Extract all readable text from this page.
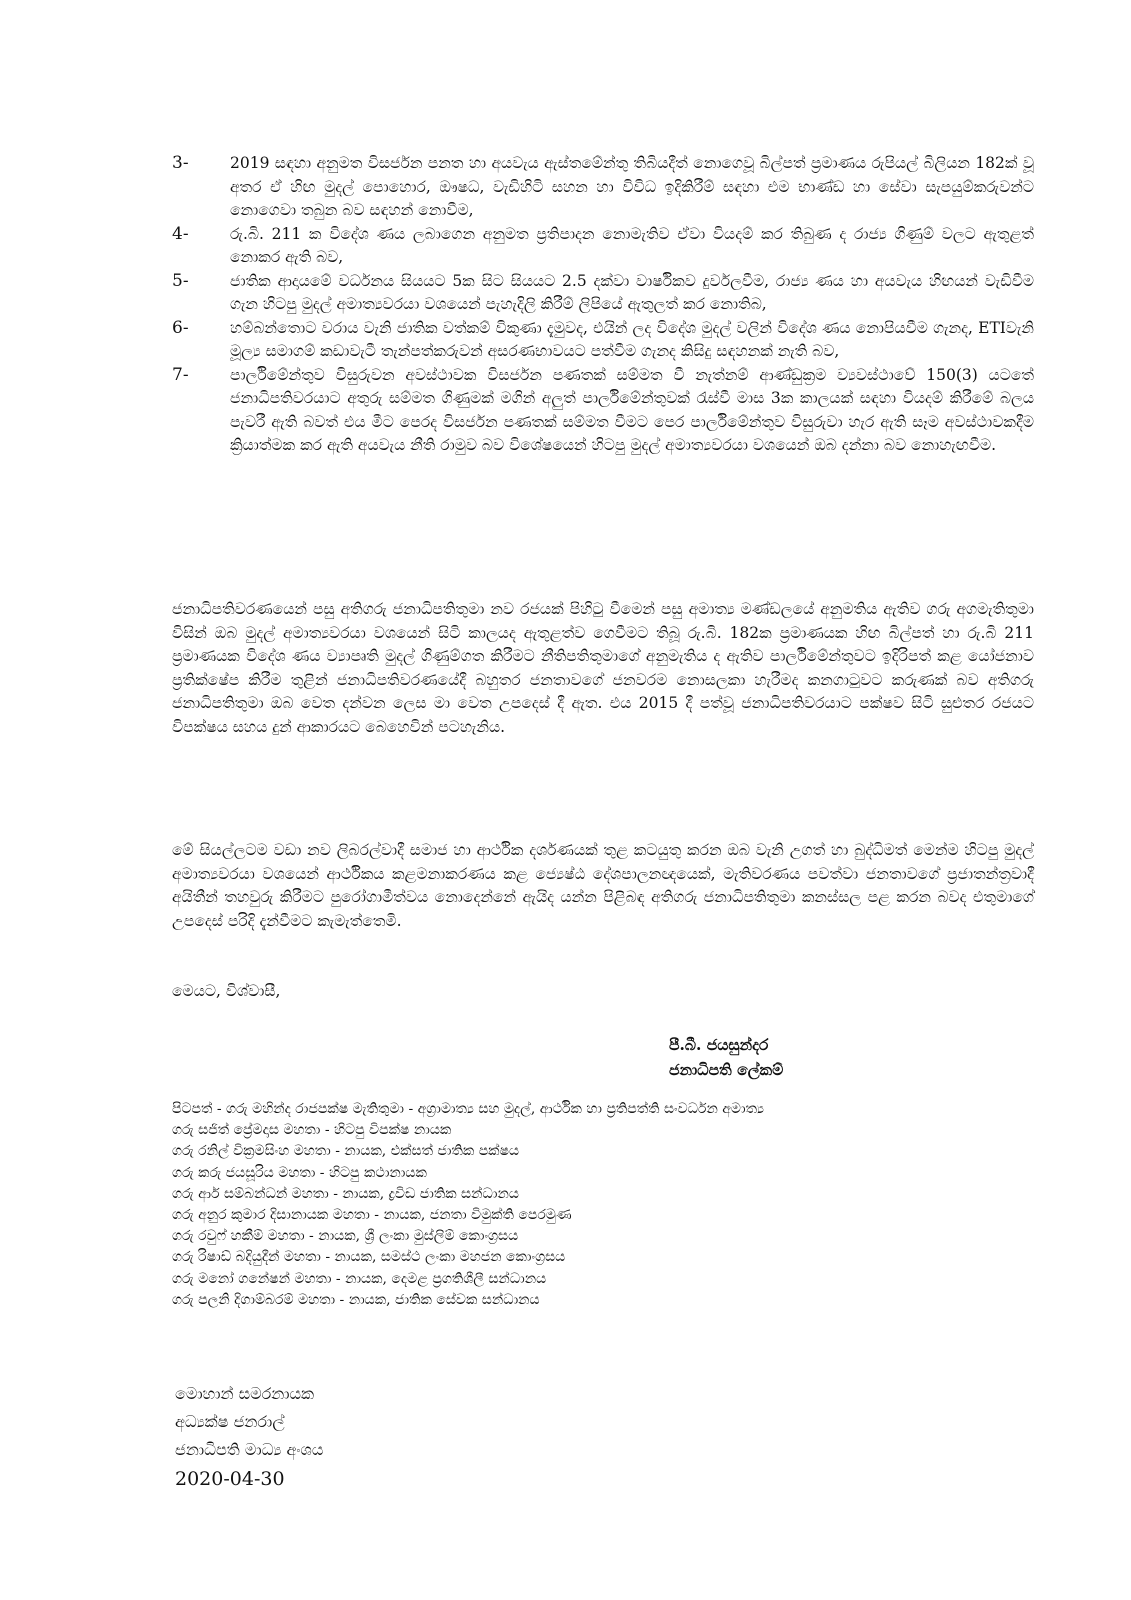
3-	2019 සඳහා අනුමත විසර්ජන පනත හා අයවැය ඇස්තමේන්තු තිබියදීත් නොගෙවූ බිල්පත් ප්‍රමාණය රුපියල් බිලියන 182ක් වූ අතර ඒ හිඟ මුදල් පොහොර, ඖෂධ, වැඩිහිටි සහන හා විවිධ ඉදිකිරීම් සඳහා එම භාණ්ඩ හා සේවා සැපයුම්කරුවන්ට නොගෙවා තබුන බව සඳහන් නොවීම,
4-	රු.බි. 211 ක විදේශ ණය ලබාගෙන අනුමත ප්‍රතිපාදන නොමැතිව ඒවා වියදම් කර තිබුණ ද රාජ්‍ය ගිණුම් වලට ඇතුළත් නොකර ඇති බව,
5-	ජාතික ආදායමේ වර්ධනය සියයට 5ක සිට සියයට 2.5 දක්වා වාර්ෂිකව දුර්වලවීම, රාජ්‍ය ණය හා අයවැය හිඟයන් වැඩිවීම ගැන හිටපු මුදල් අමාත්‍යවරයා වශයෙන් පැහැදිලි කිරීම් ලිපියේ ඇතුලත් කර නොතිබ,
6-	හම්බන්තොට වරාය වැනි ජාතික වත්කම් විකුණා දැමුවද, එයින් ලද විදේශ මුදල් වලින් විදේශ ණය නොපියවීම ගැනද, ETIවැනි මූල්‍ය සමාගම් කඩාවැටී තැන්පත්කරුවන් අසරණභාවයට පත්වීම ගැනද කිසිදු සඳහනක් නැති බව,
7-	පාර්ලිමේන්තුව විසුරුවන අවස්ථාවක විසර්ජන පණතක් සම්මත වී නැත්නම් ආණ්ඩුක්‍රම ව්‍යවස්ථාවේ 150(3) යටතේ ජනාධිපතිවරයාට අතුරු සම්මත ගිණුමක් මගින් අලුත් පාර්ලිමේන්තුවක් රැස්වී මාස 3ක කාලයක් සඳහා වියදම් කිරීමේ බලය පැවරී ඇති බවත් එය මීට පෙරද විසර්ජන පණතක් සම්මත වීමට පෙර පාර්ලිමේන්තුව විසුරුවා හැර ඇති සෑම අවස්ථාවකදීම ක්‍රියාත්මක කර ඇති අයවැය නීති රාමුව බව විශේෂයෙන් හිටපු මුදල් අමාත්‍යවරයා වශයෙන් ඔබ දන්නා බව නොහැඟවීම.

ජනාධිපතිවරණයෙන් පසු අතිගරු ජනාධිපතිතුමා නව රජයක් පිහිටු වීමෙන් පසු අමාත්‍ය මණ්ඩලයේ අනුමතිය ඇතිව ගරු අගමැතිතුමා විසින් ඔබ මුදල් අමාත්‍යවරයා වශයෙන් සිටි කාලයද ඇතුළත්ව ගෙවීමට තිබූ රු.බි. 182ක ප්‍රමාණයක හිඟ බිල්පත් හා රු.බි 211 ප්‍රමාණයක විදේශ ණය ව්‍යාපෘති මුදල් ගිණුම්ගත කිරීමට නීතිපතිතුමාගේ අනුමැතිය ද ඇතිව පාර්ලිමේන්තුවට ඉදිරිපත් කළ යෝජනාව ප්‍රතික්ෂේප කිරීම තුළින් ජනාධිපතිවරණයේදී බහුතර ජනතාවගේ ජනවරම නොසලකා හැරීමද කනගාටුවට කරුණක් බව අතිගරු ජනාධිපතිතුමා ඔබ වෙත දන්වන ලෙස මා වෙත උපදෙස් දී ඇත. එය 2015 දී පත්වූ ජනාධිපතිවරයාට පක්ෂව සිටි සුළුතර රජයට විපක්ෂය සහය දුන් ආකාරයට බෙහෙවින් පටහැනිය.

මේ සියල්ලටම වඩා නව ලිබරල්වාදී සමාජ හා ආර්ථික දර්ශණයක් තුළ කටයුතු කරන ඔබ වැනි උගත් හා බුද්ධිමත් මෙන්ම හිටපු මුදල් අමාත්‍යවරයා වශයෙන් ආර්ථිකය කළමනාකරණය කළ ජ්‍යෙෂ්ඨ දේශපාලනඥයෙක්, මැතිවරණය පවත්වා ජනතාවගේ ප්‍රජාතන්ත්‍රවාදී අයිතීන් තහවුරු කිරීමට පුරෝගාමීත්වය නොදෙන්නේ ඇයිද යන්න පිළිබඳ අතිගරු ජනාධිපතිතුමා කනස්සල පළ කරන බවද එතුමාගේ උපදෙස් පරිදි දැන්වීමට කැමැත්තෙමි.

මෙයට, විශ්වාසී,

පී.බී. ජයසුන්දර
ජනාධිපති ලේකම්
පිටපත් - ගරු මහින්ද රාජපක්ෂ මැතිතුමා - අග්‍රාමාත්‍ය සහ මුදල්, ආර්ථික හා ප්‍රතිපත්ති සංවර්ධන අමාත්‍ය
ගරු සජිත් ප්‍රේමදාස මහතා - හිටපු විපක්ෂ නායක
ගරු රනිල් වික්‍රමසිංහ මහතා - නායක, එක්සත් ජාතික පක්ෂය
ගරු කරු ජයසූරිය මහතා - හිටපු කථානායක
ගරු ආර් සම්බන්ධන් මහතා - නායක, ද්‍රවිඩ ජාතික සන්ධානය
ගරු අනුර කුමාර දිසානායක මහතා - නායක, ජනතා විමුක්ති පෙරමුණ
ගරු රවුෆ් හකීම් මහතා - නායක, ශ්‍රී ලංකා මුස්ලිම් කොංග්‍රසය
ගරු රිෂාඩ් බදියුදීන් මහතා - නායක, සමස්ථ ලංකා මහජන කොංග්‍රසය
ගරු මනෝ ගනේෂන් මහතා - නායක, දෙමළ ප්‍රගතිශීලී සන්ධානය
ගරු පලනි දිගාම්බරම් මහතා - නායක, ජාතික සේවක සන්ධානය
මොහාන් සමරනායක
අධ්‍යක්ෂ ජනරාල්
ජනාධිපති මාධ්‍ය අංශය
2020-04-30
